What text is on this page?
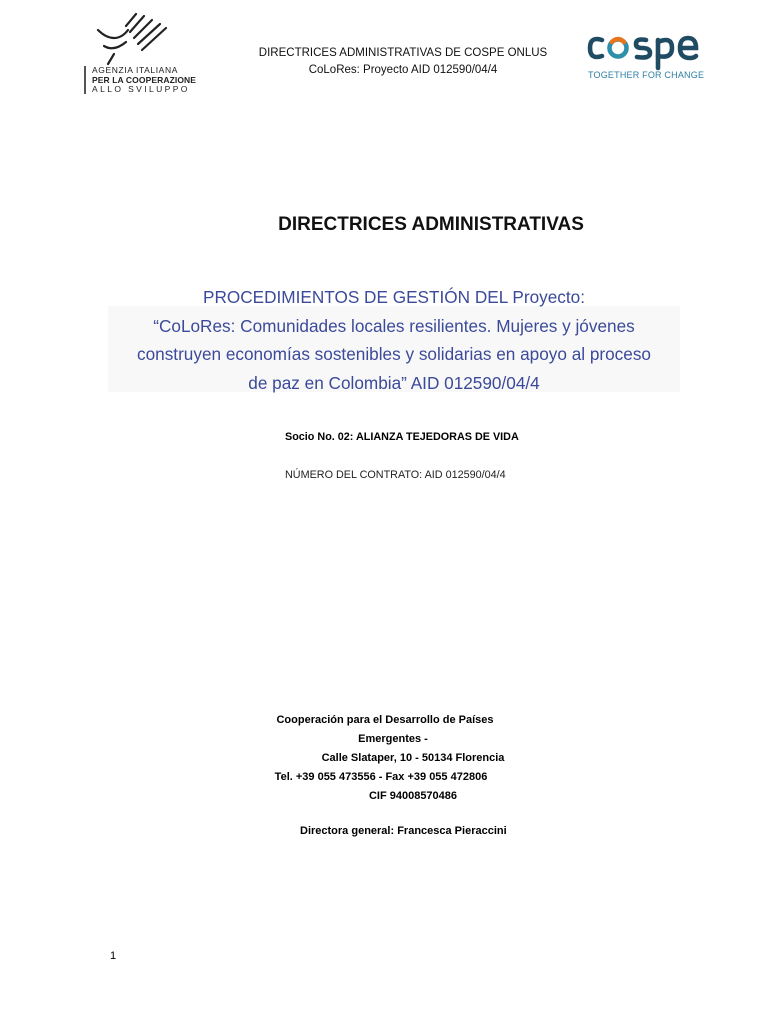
AGENZIA ITALIANA
PER LA COOPERAZIONE
ALLO SVILUPPO
DIRECTRICES ADMINISTRATIVAS DE COSPE ONLUS
CoLoRes: Proyecto AID 012590/04/4	TOGETHER FOR CHANGE
DIRECTRICES ADMINISTRATIVAS
PROCEDIMIENTOS DE GESTIÓN DEL Proyecto:
“CoLoRes: Comunidades locales resilientes. Mujeres y jóvenes
construyen economías sostenibles y solidarias en apoyo al proceso
de paz en Colombia” AID 012590/04/4
Socio No. 02: ALIANZA TEJEDORAS DE VIDA
NÚMERO DEL CONTRATO: AID 012590/04/4
Cooperación para el Desarrollo de Países
Emergentes -
Calle Slataper, 10 - 50134 Florencia
Tel. +39 055 473556 - Fax +39 055 472806
CIF 94008570486
Directora general: Francesca Pieraccini
1
